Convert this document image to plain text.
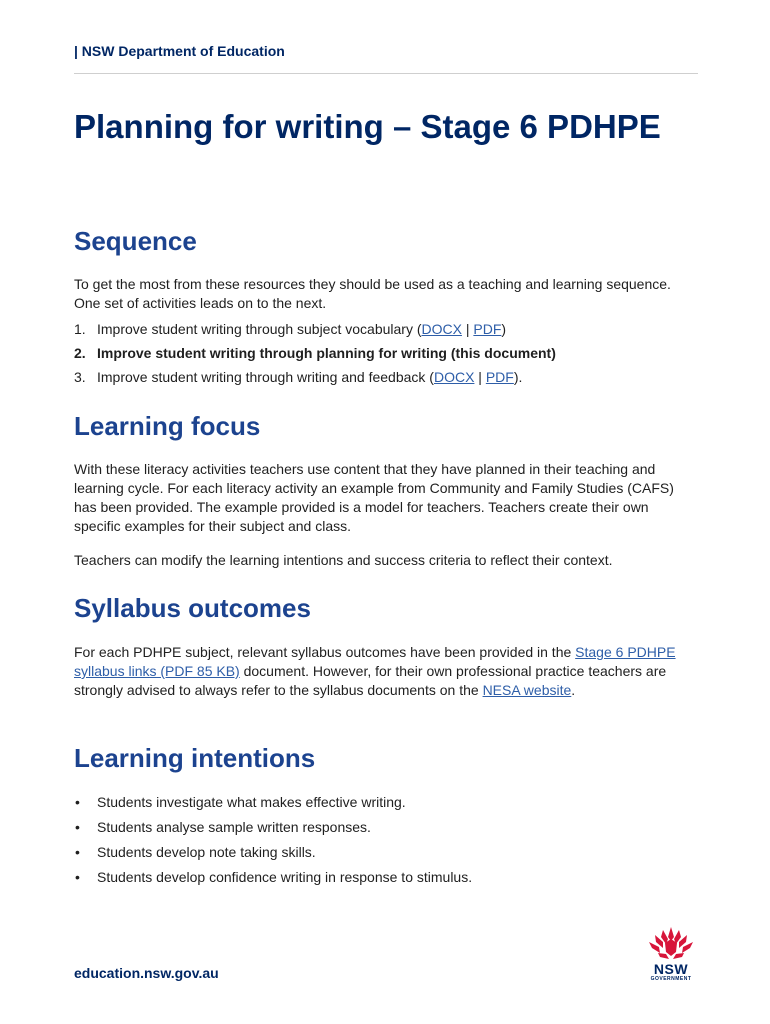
| NSW Department of Education
Planning for writing – Stage 6 PDHPE
Sequence

To get the most from these resources they should be used as a teaching and learning sequence. One set of activities leads on to the next.

1. Improve student writing through subject vocabulary (DOCX | PDF)
2. Improve student writing through planning for writing (this document)
3. Improve student writing through writing and feedback (DOCX | PDF).
Learning focus

With these literacy activities teachers use content that they have planned in their teaching and learning cycle. For each literacy activity an example from Community and Family Studies (CAFS) has been provided. The example provided is a model for teachers. Teachers create their own specific examples for their subject and class.

Teachers can modify the learning intentions and success criteria to reflect their context.

Syllabus outcomes

For each PDHPE subject, relevant syllabus outcomes have been provided in the Stage 6 PDHPE syllabus links (PDF 85 KB) document. However, for their own professional practice teachers are strongly advised to always refer to the syllabus documents on the NESA website.

Learning intentions
• Students investigate what makes effective writing.
• Students analyse sample written responses.
• Students develop note taking skills.
• Students develop confidence writing in response to stimulus.
education.nsw.gov.au	NSW
GOVERNMENT
